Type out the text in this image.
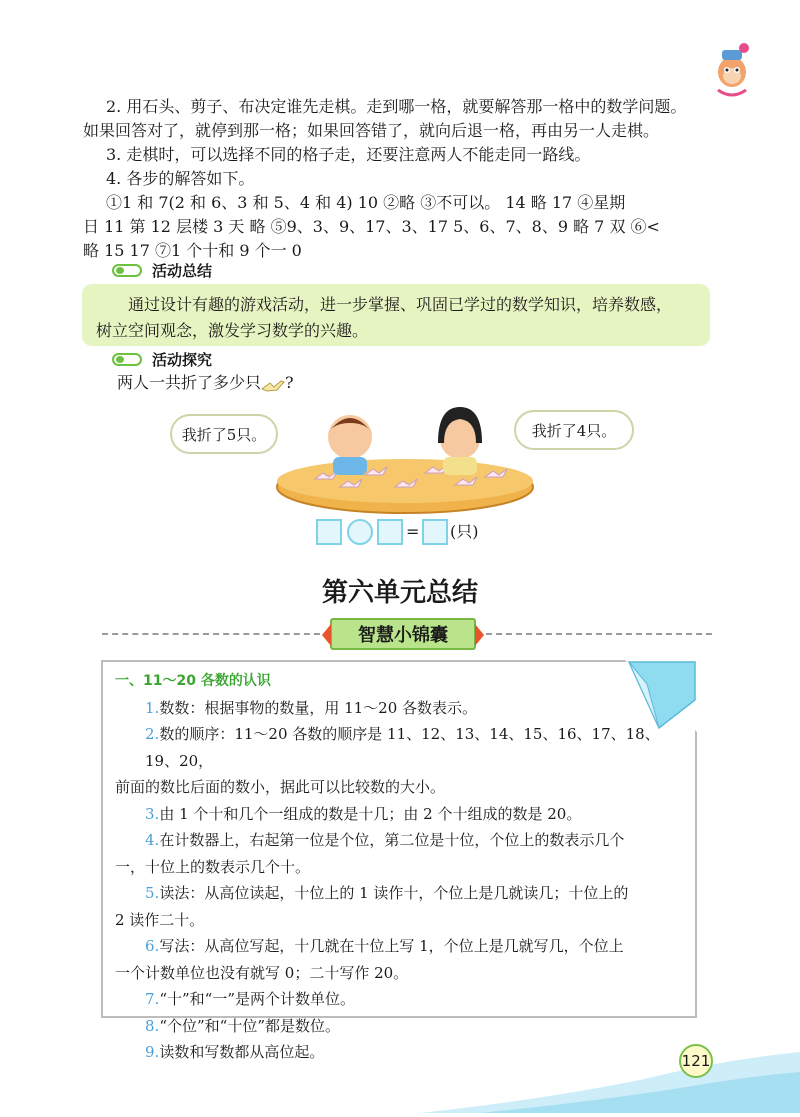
2. 用石头、剪子、布决定谁先走棋。走到哪一格，就要解答那一格中的数学问题。
如果回答对了，就停到那一格；如果回答错了，就向后退一格，再由另一人走棋。
3. 走棋时，可以选择不同的格子走，还要注意两人不能走同一路线。
4. 各步的解答如下。
①1 和 7(2 和 6、3 和 5、4 和 4) 10 ②略 ③不可以。 14 略 17 ④星期
日 11 第 12 层楼 3 天 略 ⑤9、3、9、17、3、17 5、6、7、8、9 略 7 双 ⑥<
略 15 17 ⑦1 个十和 9 个一 0
活动总结
通过设计有趣的游戏活动，进一步掌握、巩固已学过的数学知识，培养数感，
树立空间观念，激发学习数学的兴趣。
活动探究
两人一共折了多少只 ?
我折了5只。	我折了4只。
= (只)
第六单元总结
智慧小锦囊
一、11～20 各数的认识
1.数数：根据事物的数量，用 11～20 各数表示。
2.数的顺序：11～20 各数的顺序是 11、12、13、14、15、16、17、18、19、20，
前面的数比后面的数小，据此可以比较数的大小。
3.由 1 个十和几个一组成的数是十几；由 2 个十组成的数是 20。
4.在计数器上，右起第一位是个位，第二位是十位，个位上的数表示几个
一，十位上的数表示几个十。
5.读法：从高位读起，十位上的 1 读作十，个位上是几就读几；十位上的
2 读作二十。
6.写法：从高位写起，十几就在十位上写 1，个位上是几就写几，个位上
一个计数单位也没有就写 0；二十写作 20。
7.“十”和“一”是两个计数单位。
8.“个位”和“十位”都是数位。
9.读数和写数都从高位起。	121
